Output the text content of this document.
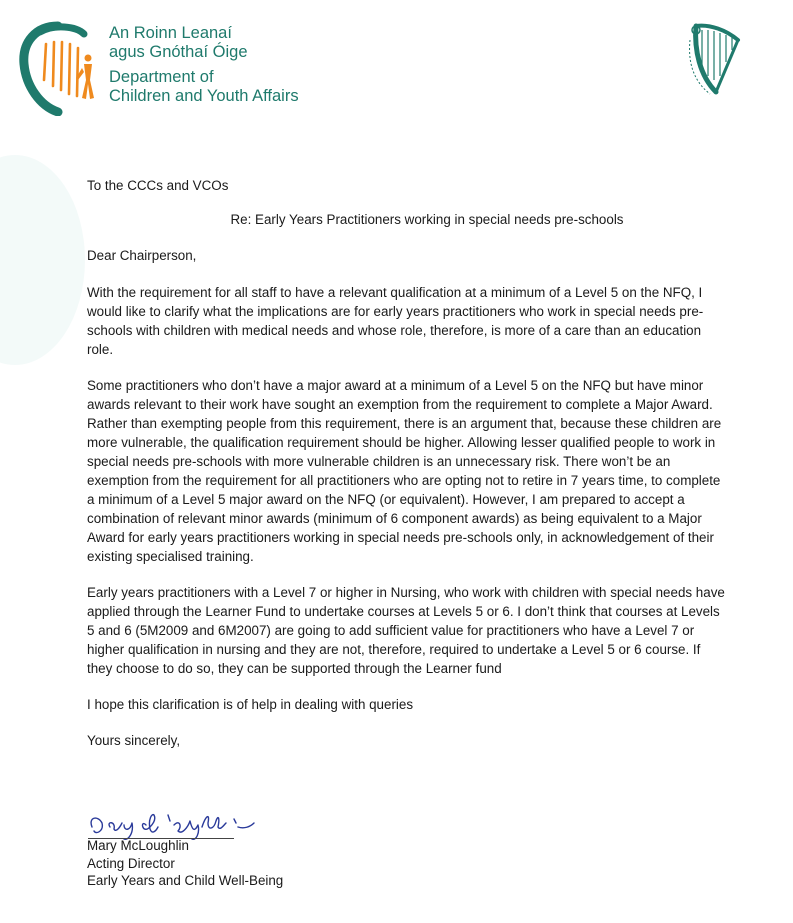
An Roinn Leanaí
agus Gnóthaí Óige
Department of
Children and Youth Affairs

To the CCCs and VCOs

Re: Early Years Practitioners working in special needs pre-schools

Dear Chairperson,

With the requirement for all staff to have a relevant qualification at a minimum of a Level 5 on the NFQ, I would like to clarify what the implications are for early years practitioners who work in special needs pre-schools with children with medical needs and whose role, therefore, is more of a care than an education role.

Some practitioners who don’t have a major award at a minimum of a Level 5 on the NFQ but have minor awards relevant to their work have sought an exemption from the requirement to complete a Major Award. Rather than exempting people from this requirement, there is an argument that, because these children are more vulnerable, the qualification requirement should be higher. Allowing lesser qualified people to work in special needs pre-schools with more vulnerable children is an unnecessary risk. There won’t be an exemption from the requirement for all practitioners who are opting not to retire in 7 years time, to complete a minimum of a Level 5 major award on the NFQ (or equivalent). However, I am prepared to accept a combination of relevant minor awards (minimum of 6 component awards) as being equivalent to a Major Award for early years practitioners working in special needs pre-schools only, in acknowledgement of their existing specialised training.

Early years practitioners with a Level 7 or higher in Nursing, who work with children with special needs have applied through the Learner Fund to undertake courses at Levels 5 or 6. I don’t think that courses at Levels 5 and 6 (5M2009 and 6M2007) are going to add sufficient value for practitioners who have a Level 7 or higher qualification in nursing and they are not, therefore, required to undertake a Level 5 or 6 course. If they choose to do so, they can be supported through the Learner fund

I hope this clarification is of help in dealing with queries

Yours sincerely,

Mary McLoughlin
Acting Director
Early Years and Child Well-Being
